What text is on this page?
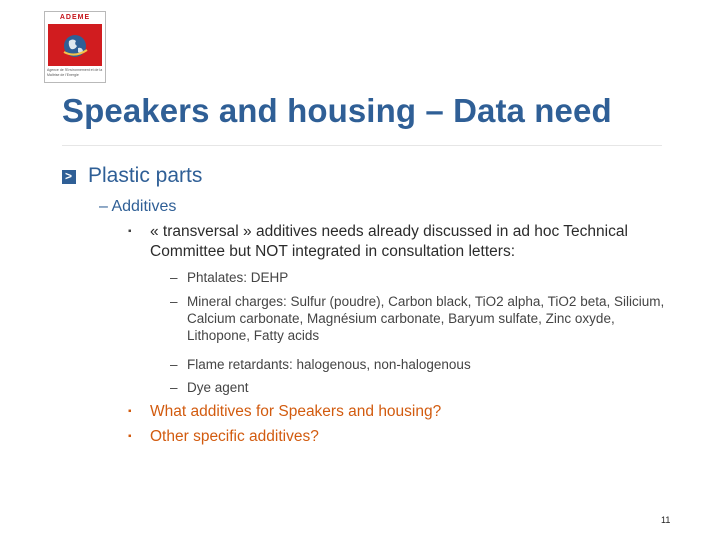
ADEME
Agence de l'Environnement et de la Maîtrise de l'Energie
Speakers and housing – Data need
> Plastic parts
– Additives
▪ « transversal » additives needs already discussed in ad hoc Technical Committee but NOT integrated in consultation letters:
– Phtalates: DEHP
– Mineral charges: Sulfur (poudre), Carbon black, TiO2 alpha, TiO2 beta, Silicium, Calcium carbonate, Magnésium carbonate, Baryum sulfate, Zinc oxyde, Lithopone, Fatty acids
– Flame retardants: halogenous, non-halogenous
– Dye agent
▪ What additives for Speakers and housing?
▪ Other specific additives?
11
